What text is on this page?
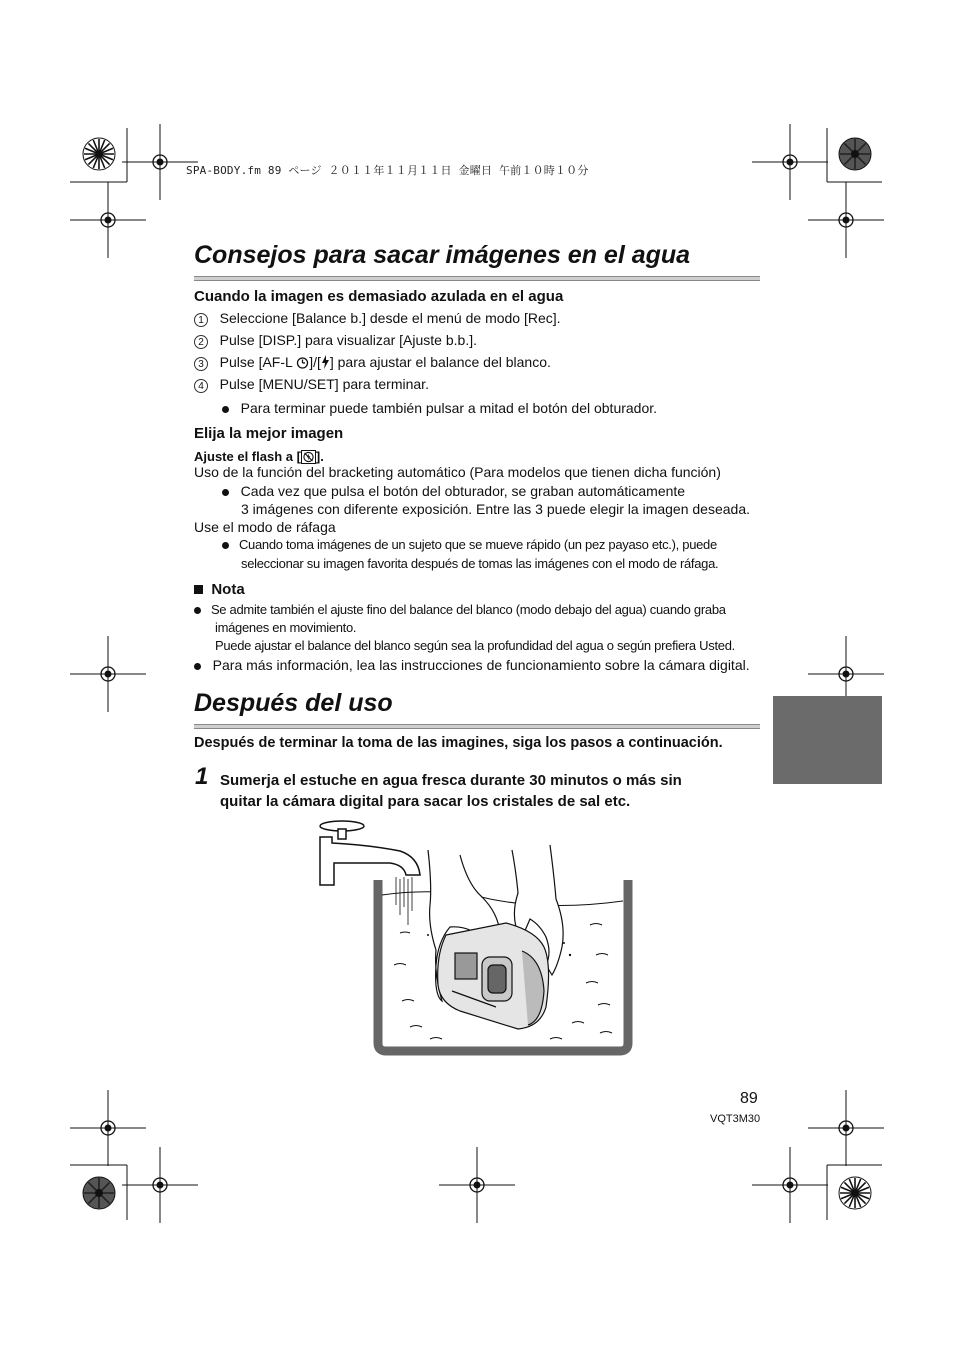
SPA-BODY.fm 89 ページ ２０１１年１１月１１日 金曜日 午前１０時１０分
Consejos para sacar imágenes en el agua
Cuando la imagen es demasiado azulada en el agua
1 Seleccione [Balance b.] desde el menú de modo [Rec].
2 Pulse [DISP.] para visualizar [Ajuste b.b.].
3 Pulse [AF-L ]/[ ] para ajustar el balance del blanco.
4 Pulse [MENU/SET] para terminar.
Para terminar puede también pulsar a mitad el botón del obturador.
Elija la mejor imagen
Ajuste el flash a [ ].
Uso de la función del bracketing automático (Para modelos que tienen dicha función)
Cada vez que pulsa el botón del obturador, se graban automáticamente
3 imágenes con diferente exposición. Entre las 3 puede elegir la imagen deseada.
Use el modo de ráfaga
Cuando toma imágenes de un sujeto que se mueve rápido (un pez payaso etc.), puede
seleccionar su imagen favorita después de tomas las imágenes con el modo de ráfaga.
Nota
Se admite también el ajuste fino del balance del blanco (modo debajo del agua) cuando graba
imágenes en movimiento.
Puede ajustar el balance del blanco según sea la profundidad del agua o según prefiera Usted.
Para más información, lea las instrucciones de funcionamiento sobre la cámara digital.
Después del uso
Después de terminar la toma de las imagines, siga los pasos a continuación.
1 Sumerja el estuche en agua fresca durante 30 minutos o más sin
quitar la cámara digital para sacar los cristales de sal etc.
89
VQT3M30
